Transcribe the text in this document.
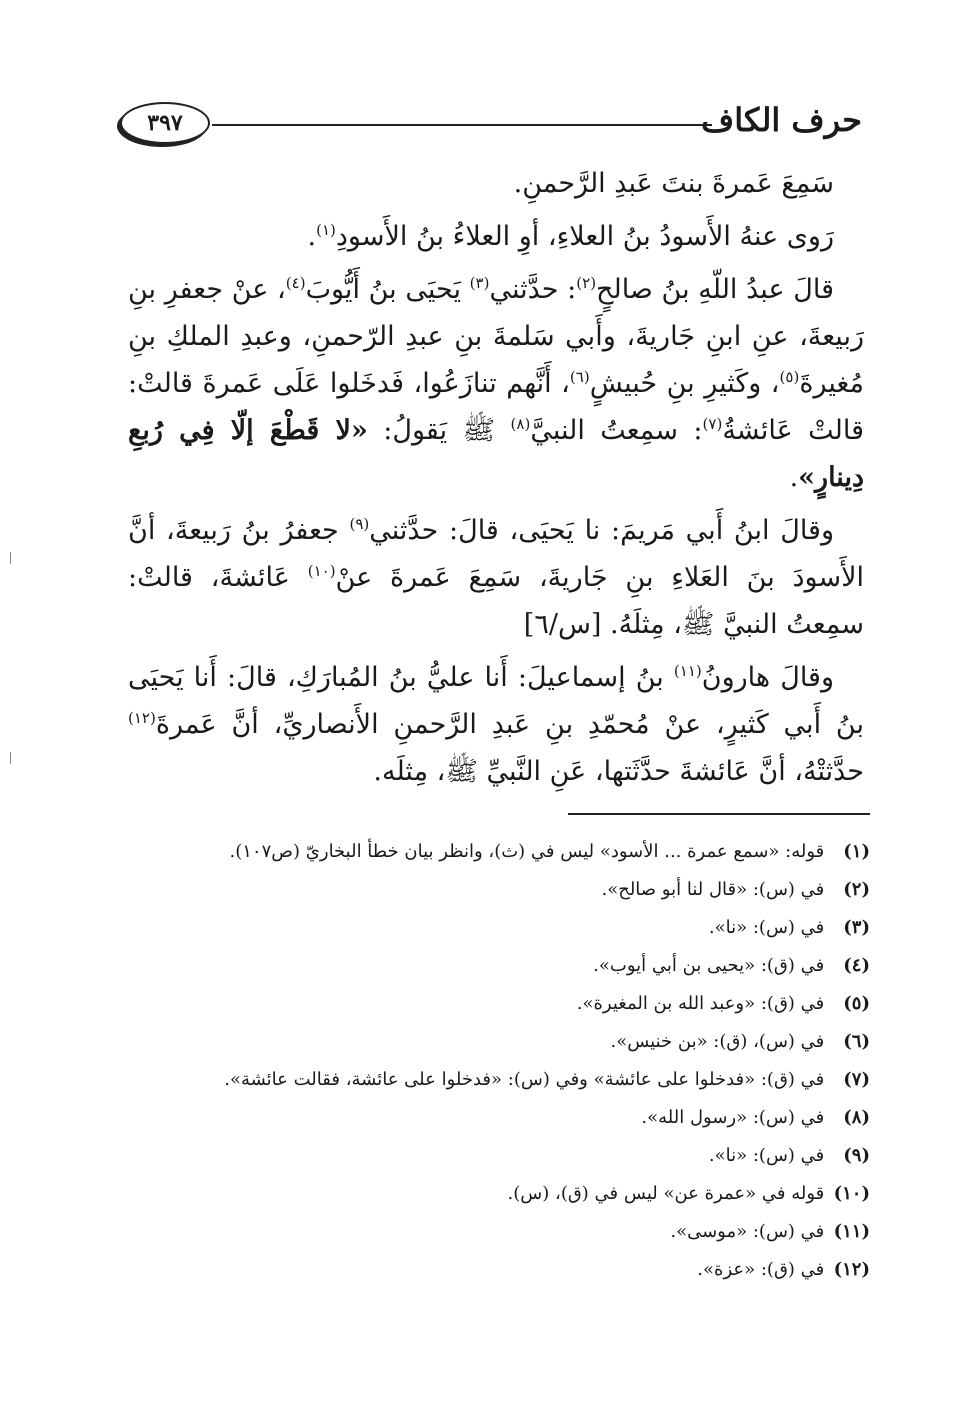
حرف الكاف
٣٩٧

سَمِعَ عَمرةَ بنتَ عَبدِ الرَّحمنِ.

رَوى عنهُ الأَسودُ بنُ العلاءِ، أوِ العلاءُ بنُ الأَسودِ$^{(١)}$.

قالَ عبدُ اللّهِ بنُ صالحٍ$^{(٢)}$: حدَّثني$^{(٣)}$ يَحيَى بنُ أَيُّوبَ$^{(٤)}$، عنْ جعفرِ بنِ رَبيعةَ، عنِ ابنِ جَاريةَ، وأَبي سَلمةَ بنِ عبدِ الرّحمنِ، وعبدِ الملكِ بنِ مُغيرةَ$^{(٥)}$، وكَثيرِ بنِ حُبيشٍ$^{(٦)}$، أَنَّهم تنازَعُوا، فَدخَلوا عَلَى عَمرةَ قالتْ: قالتْ عَائشةُ$^{(٧)}$: سمِعتُ النبيَّ$^{(٨)}$ ﷺ يَقولُ: «لا قَطْعَ إلّا فِي رُبعِ دِينارٍ».

وقالَ ابنُ أَبي مَريمَ: نا يَحيَى، قالَ: حدَّثني$^{(٩)}$ جعفرُ بنُ رَبيعةَ، أنَّ الأَسودَ بنَ العَلاءِ بنِ جَاريةَ، سَمِعَ عَمرةَ عنْ$^{(١٠)}$ عَائشةَ، قالتْ: سمِعتُ النبيَّ ﷺ، مِثلَهُ. [س/٦]

وقالَ هارونُ$^{(١١)}$ بنُ إسماعيلَ: أَنا عليُّ بنُ المُبارَكِ، قالَ: أَنا يَحيَى بنُ أَبي كَثيرٍ، عنْ مُحمّدِ بنِ عَبدِ الرَّحمنِ الأَنصاريِّ، أنَّ عَمرةَ$^{(١٢)}$ حدَّثتْهُ، أنَّ عَائشةَ حدَّثَتها، عَنِ النَّبيِّ ﷺ، مِثلَه.

(١) قوله: «سمع عمرة ... الأسود» ليس في (ث)، وانظر بيان خطأ البخاريّ (ص١٠٧).
(٢) في (س): «قال لنا أبو صالح».
(٣) في (س): «نا».
(٤) في (ق): «يحيى بن أبي أيوب».
(٥) في (ق): «وعبد الله بن المغيرة».
(٦) في (س)، (ق): «بن خنيس».
(٧) في (ق): «فدخلوا على عائشة» وفي (س): «فدخلوا على عائشة، فقالت عائشة».
(٨) في (س): «رسول الله».
(٩) في (س): «نا».
(١٠) قوله في «عمرة عن» ليس في (ق)، (س).
(١١) في (س): «موسى».
(١٢) في (ق): «عزة».
